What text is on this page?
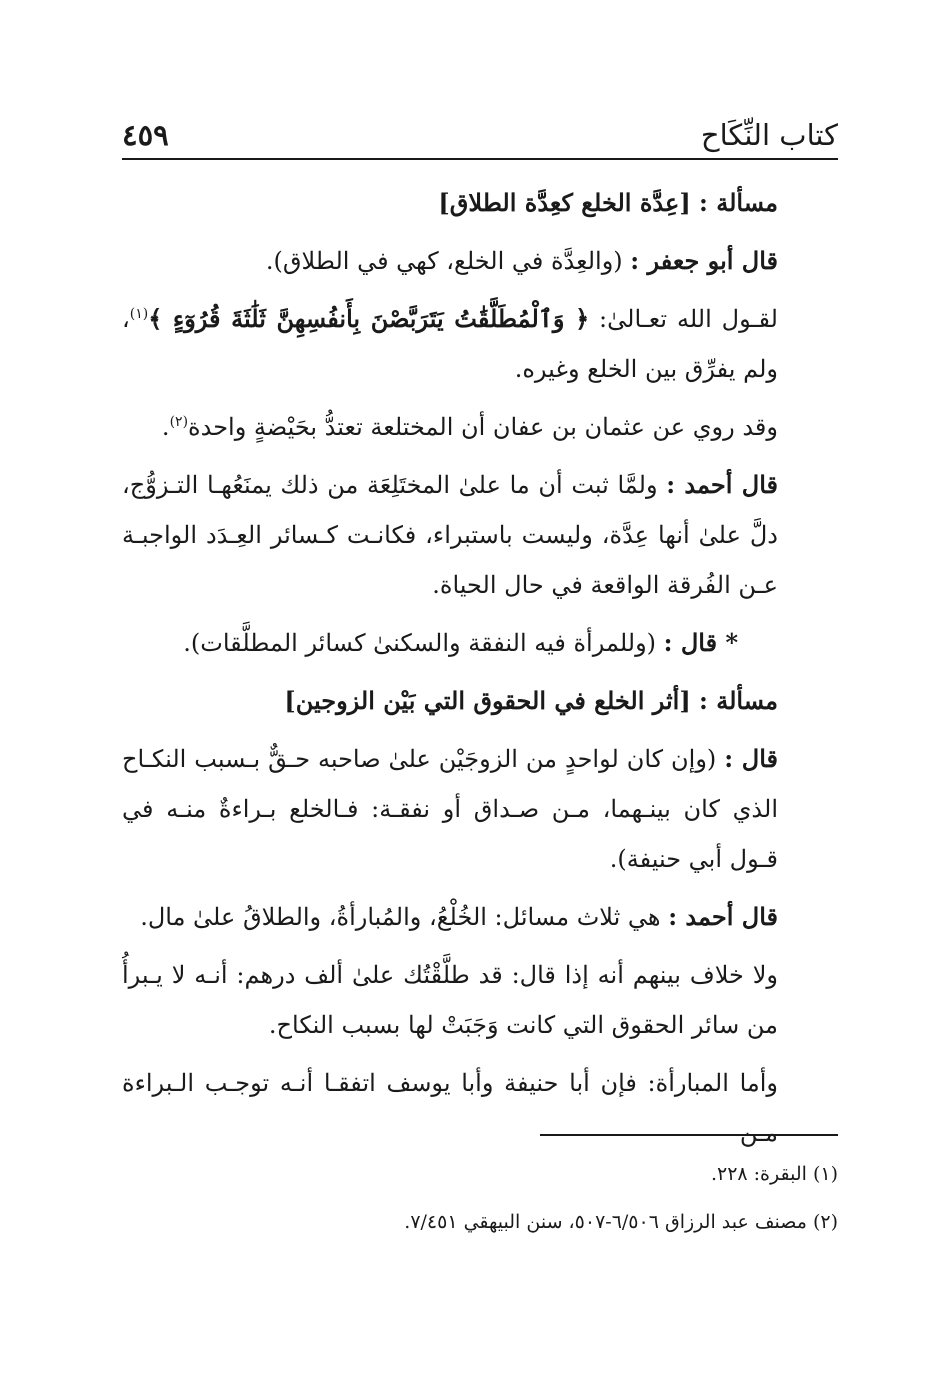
كتاب النِّكَاح
٤٥٩

مسألة : [عِدَّة الخلع كعِدَّة الطلاق]

قال أبو جعفر : (والعِدَّة في الخلع، كهي في الطلاق).

لقـول الله تعـالىٰ: ﴿ وَٱلْمُطَلَّقَٰتُ يَتَرَبَّصْنَ بِأَنفُسِهِنَّ ثَلَٰثَةَ قُرُوٓءٍ ﴾$^{(١)}$، ولم يفرِّق بين الخلع وغيره.

وقد روي عن عثمان بن عفان أن المختلعة تعتدُّ بحَيْضةٍ واحدة$^{(٢)}$.

قال أحمد : ولمَّا ثبت أن ما علىٰ المختَلِعَة من ذلك يمنَعُهـا التـزوُّج، دلَّ علىٰ أنها عِدَّة، وليست باستبراء، فكانـت كـسائر العِـدَد الواجبـة عـن الفُرقة الواقعة في حال الحياة.

* قال : (وللمرأة فيه النفقة والسكنىٰ كسائر المطلَّقات).

مسألة : [أثر الخلع في الحقوق التي بَيْن الزوجين]

قال : (وإن كان لواحدٍ من الزوجَيْن علىٰ صاحبه حـقٌّ بـسبب النكـاح الذي كان بينـهما، مـن صـداق أو نفقـة: فـالخلع بـراءةٌ منـه في قـول أبي حنيفة).

قال أحمد : هي ثلاث مسائل: الخُلْعُ، والمُبارأةُ، والطلاقُ علىٰ مال.

ولا خلاف بينهم أنه إذا قال: قد طلَّقْتُك علىٰ ألف درهم: أنـه لا يـبرأُ من سائر الحقوق التي كانت وَجَبَتْ لها بسبب النكاح.

وأما المبارأة: فإن أبا حنيفة وأبا يوسف اتفقـا أنـه توجـب الـبراءة مـن

(١) البقرة: ٢٢٨.

(٢) مصنف عبد الرزاق ٦/٥٠٦-٥٠٧، سنن البيهقي ٧/٤٥١.
